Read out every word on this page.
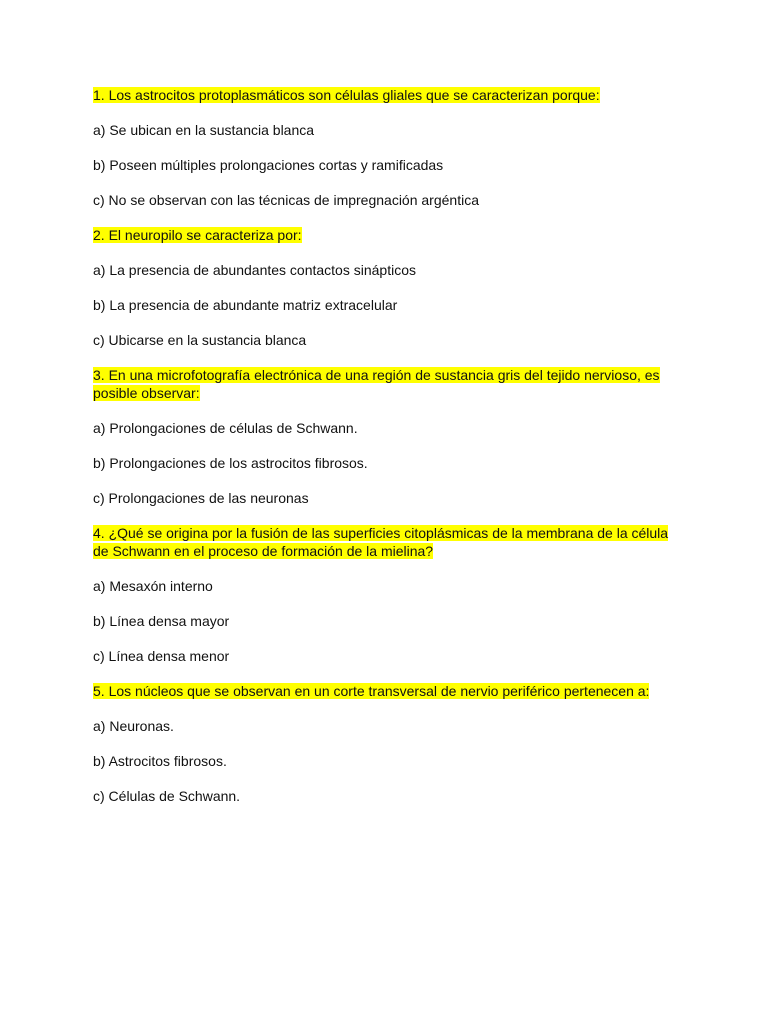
1. Los astrocitos protoplasmáticos son células gliales que se caracterizan porque:

a) Se ubican en la sustancia blanca
b) Poseen múltiples prolongaciones cortas y ramificadas
c) No se observan con las técnicas de impregnación argéntica

2. El neuropilo se caracteriza por:

a) La presencia de abundantes contactos sinápticos
b) La presencia de abundante matriz extracelular
c) Ubicarse en la sustancia blanca

3. En una microfotografía electrónica de una región de sustancia gris del tejido nervioso, es posible observar:

a) Prolongaciones de células de Schwann.
b) Prolongaciones de los astrocitos fibrosos.
c) Prolongaciones de las neuronas

4. ¿Qué se origina por la fusión de las superficies citoplásmicas de la membrana de la célula de Schwann en el proceso de formación de la mielina?

a) Mesaxón interno
b) Línea densa mayor
c) Línea densa menor

5. Los núcleos que se observan en un corte transversal de nervio periférico pertenecen a:

a) Neuronas.
b) Astrocitos fibrosos.
c) Células de Schwann.
